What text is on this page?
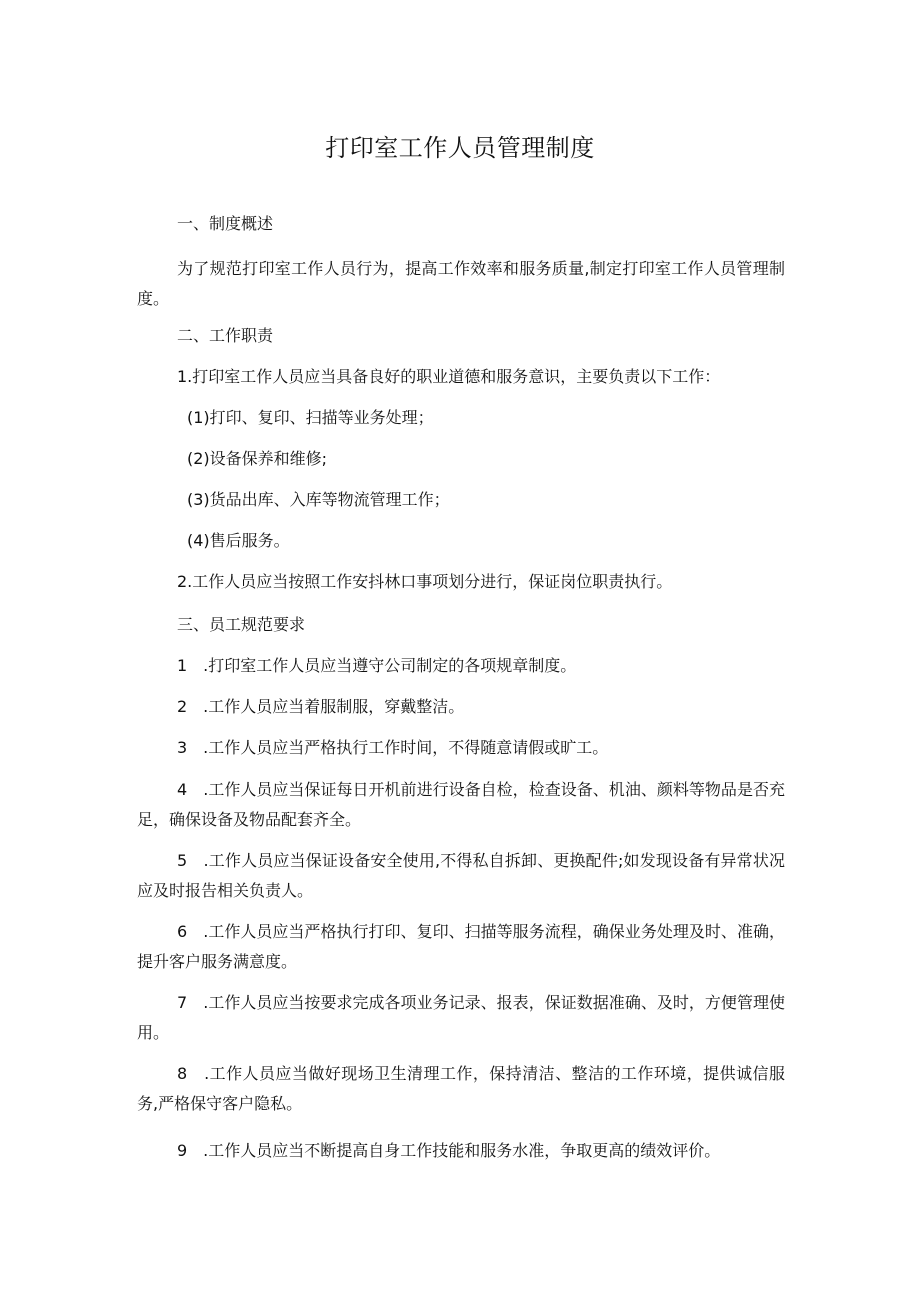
打印室工作人员管理制度
一、制度概述
为了规范打印室工作人员行为，提高工作效率和服务质量,制定打印室工作人员管理制度。
二、工作职责
1.打印室工作人员应当具备良好的职业道德和服务意识，主要负责以下工作：
(1)打印、复印、扫描等业务处理；
(2)设备保养和维修;
(3)货品出库、入库等物流管理工作；
(4)售后服务。
2.工作人员应当按照工作安抖林口事项划分进行，保证岗位职责执行。
三、员工规范要求
1　.打印室工作人员应当遵守公司制定的各项规章制度。
2　.工作人员应当着服制服，穿戴整洁。
3　.工作人员应当严格执行工作时间，不得随意请假或旷工。
4　.工作人员应当保证每日开机前进行设备自检，检查设备、机油、颜料等物品是否充足，确保设备及物品配套齐全。
5　.工作人员应当保证设备安全使用,不得私自拆卸、更换配件;如发现设备有异常状况应及时报告相关负责人。
6　.工作人员应当严格执行打印、复印、扫描等服务流程，确保业务处理及时、准确，提升客户服务满意度。
7　.工作人员应当按要求完成各项业务记录、报表，保证数据准确、及时，方便管理使用。
8　.工作人员应当做好现场卫生清理工作，保持清洁、整洁的工作环境，提供诚信服务,严格保守客户隐私。
9　.工作人员应当不断提高自身工作技能和服务水准，争取更高的绩效评价。
